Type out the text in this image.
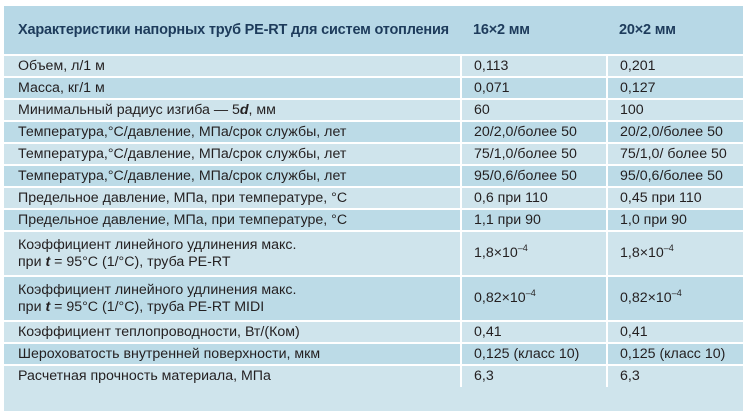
Характеристики напорных труб PE-RT для систем отопления	16×2 мм	20×2 мм
Объем, л/1 м	0,113	0,201
Масса, кг/1 м	0,071	0,127
Минимальный радиус изгиба — 5d, мм	60	100
Температура,°С/давление, МПа/срок службы, лет	20/2,0/более 50	20/2,0/более 50
Температура,°С/давление, МПа/срок службы, лет	75/1,0/более 50	75/1,0/ более 50
Температура,°С/давление, МПа/срок службы, лет	95/0,6/более 50	95/0,6/более 50
Предельное давление, МПа, при температуре, °С	0,6 при 110	0,45 при 110
Предельное давление, МПа, при температуре, °С	1,1 при 90	1,0 при 90

Коэффициент линейного удлинения макс.
при t = 95°С (1/°С), труба PE-RT	$1,8\times 10^{-4}$	$1,8\times 10^{-4}$

Коэффициент линейного удлинения макс.
при t = 95°С (1/°С), труба PE-RT MIDI	$0,82\times 10^{-4}$	$0,82\times 10^{-4}$
Коэффициент теплопроводности, Вт/(Ком)	0,41	0,41
Шероховатость внутренней поверхности, мкм	0,125 (класс 10)	0,125 (класс 10)
Расчетная прочность материала, МПа	6,3	6,3
